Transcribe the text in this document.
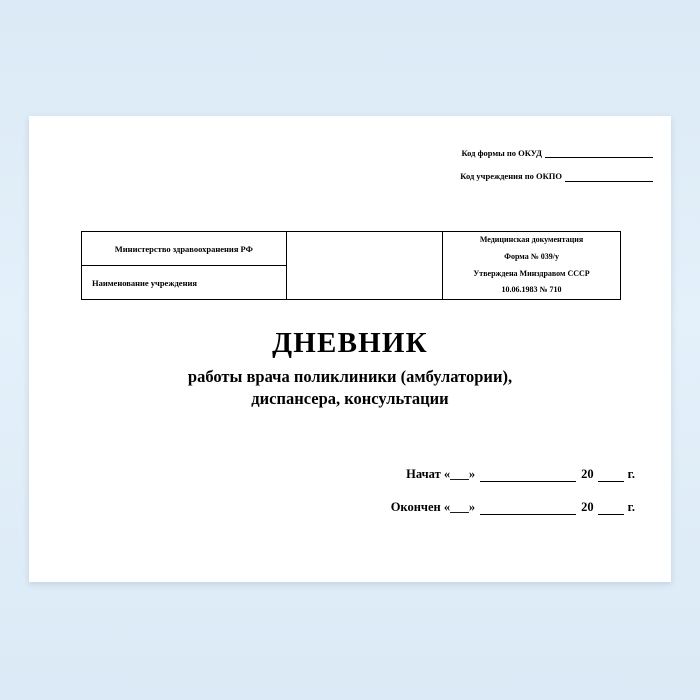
Код формы по ОКУД
Код учреждения по ОКПО
Министерство здравоохранения РФ

Медицинская документация
Форма № 039/у
Утверждена Минздравом СССР
10.06.1983 № 710

Наименование учреждения
ДНЕВНИК
работы врача поликлиники (амбулатории),
диспансера, консультации
Начат «___»	20	г.
Окончен «___»	20	г.
